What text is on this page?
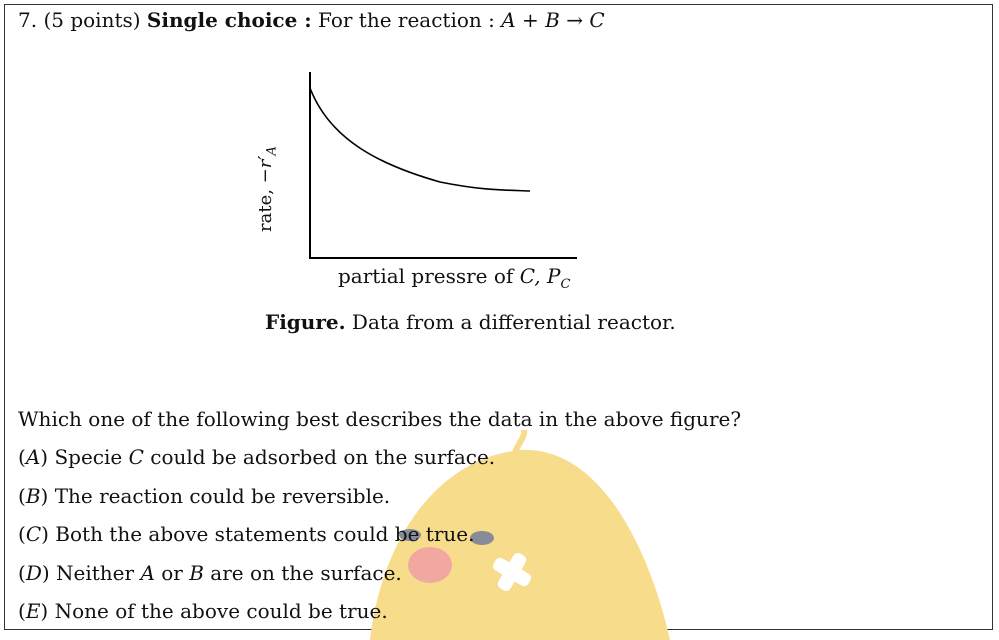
7. (5 points) Single choice : For the reaction : A + B → C
rate, $-r'_A$
partial pressre of C, $P_C$
Figure. Data from a differential reactor.
Which one of the following best describes the data in the above figure?
(A) Specie C could be adsorbed on the surface.
(B) The reaction could be reversible.
(C) Both the above statements could be true.
(D) Neither A or B are on the surface.
(E) None of the above could be true.
